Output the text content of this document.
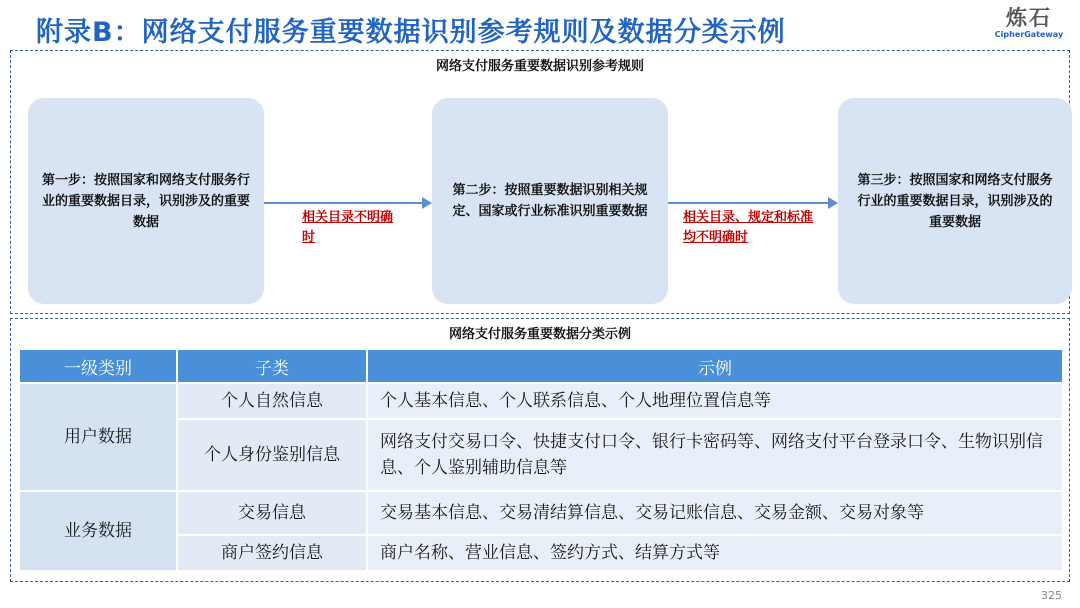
附录B：网络支付服务重要数据识别参考规则及数据分类示例	炼石
CipherGateway
网络支付服务重要数据识别参考规则
第一步：按照国家和网络支付服务行业的重要数据目录，识别涉及的重要数据	相关目录不明确时
第二步：按照重要数据识别相关规定、国家或行业标准识别重要数据	相关目录、规定和标准均不明确时
第三步：按照国家和网络支付服务行业的重要数据目录，识别涉及的重要数据
网络支付服务重要数据分类示例
一级类别	子类	示例
用户数据	个人自然信息	个人基本信息、个人联系信息、个人地理位置信息等
	个人身份鉴别信息	网络支付交易口令、快捷支付口令、银行卡密码等、网络支付平台登录口令、生物识别信息、个人鉴别辅助信息等
业务数据	交易信息	交易基本信息、交易清结算信息、交易记账信息、交易金额、交易对象等
	商户签约信息	商户名称、营业信息、签约方式、结算方式等
325
